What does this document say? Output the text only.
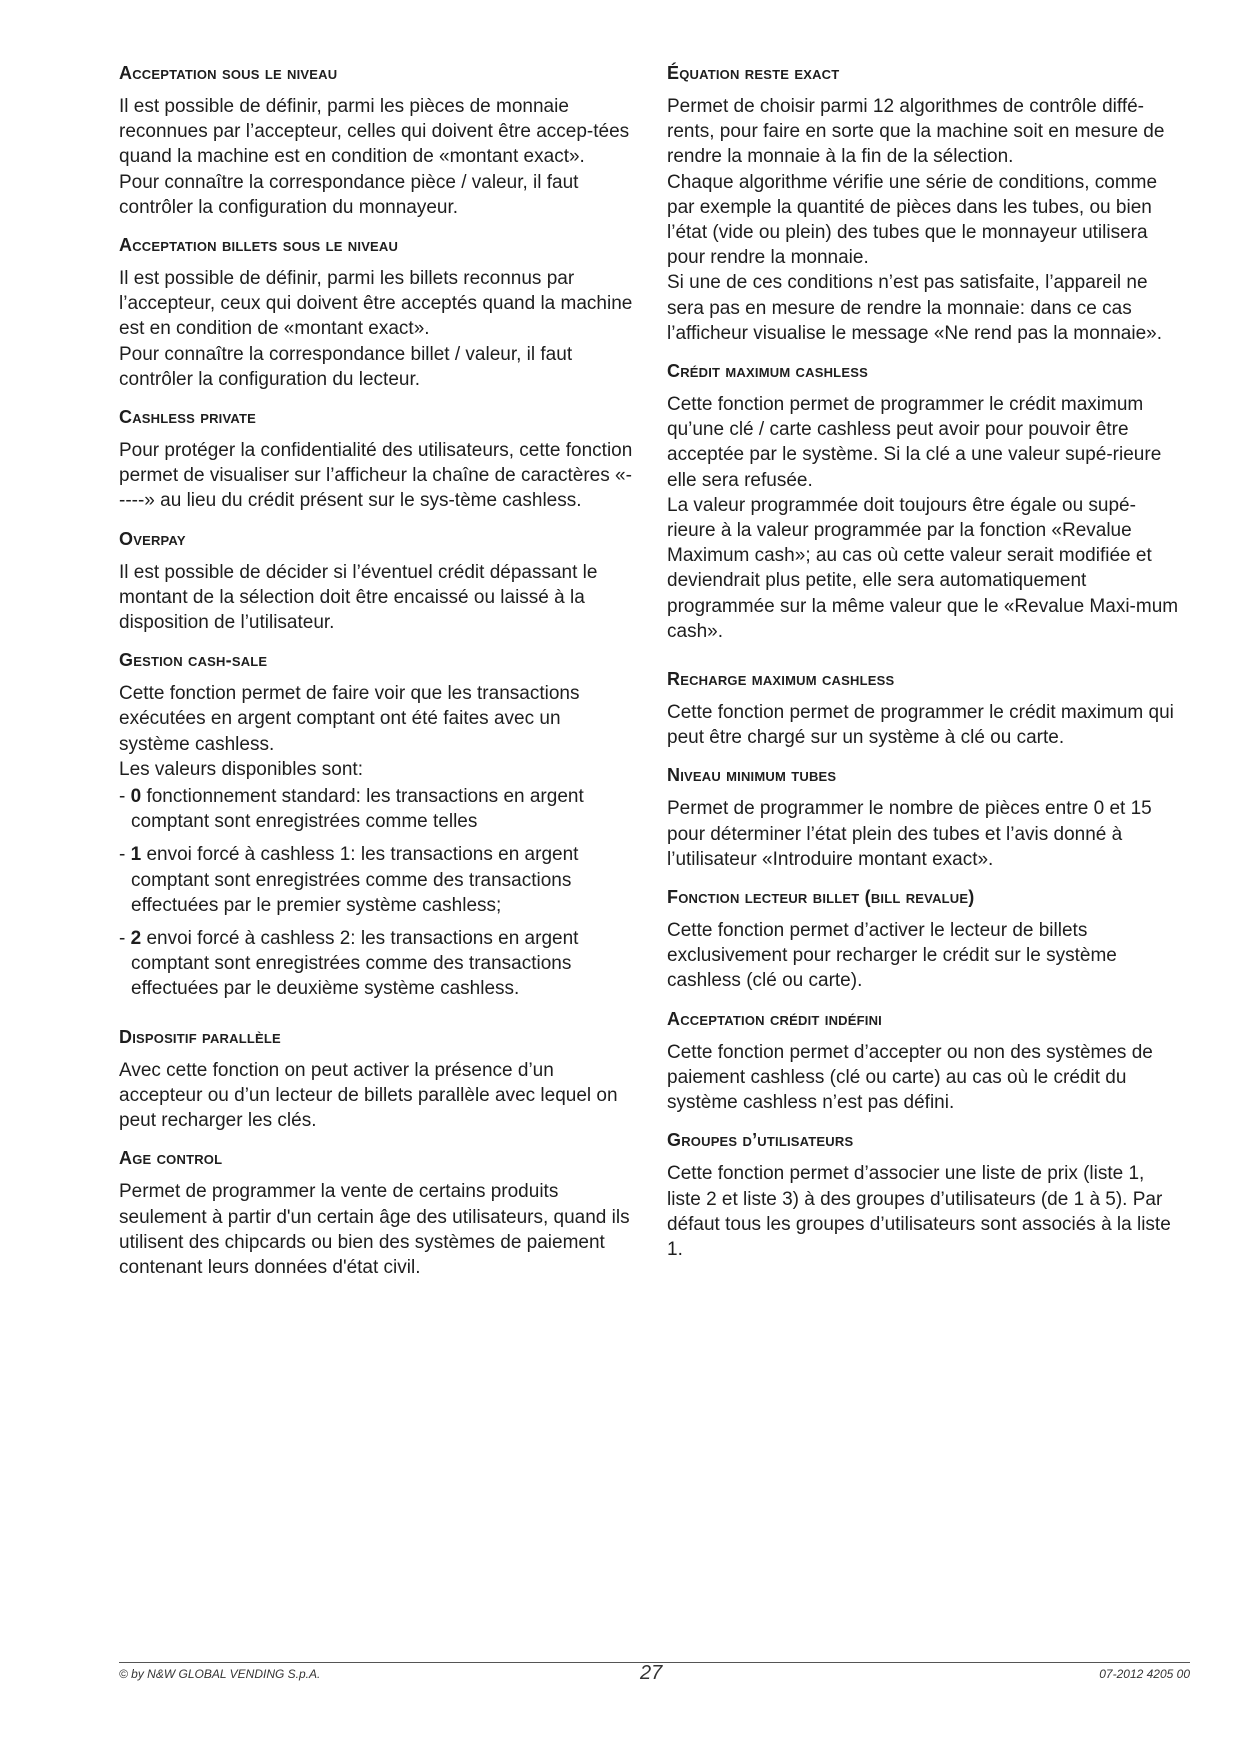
Acceptation sous le niveau

Il est possible de définir, parmi les pièces de monnaie reconnues par l’accepteur, celles qui doivent être accep-tées quand la machine est en condition de «montant exact».
Pour connaître la correspondance pièce / valeur, il faut contrôler la configuration du monnayeur.

Acceptation billets sous le niveau

Il est possible de définir, parmi les billets reconnus par l’accepteur, ceux qui doivent être acceptés quand la machine est en condition de «montant exact».
Pour connaître la correspondance billet / valeur, il faut contrôler la configuration du lecteur.

Cashless private

Pour protéger la confidentialité des utilisateurs, cette fonction permet de visualiser sur l’afficheur la chaîne de caractères «-----» au lieu du crédit présent sur le sys-tème cashless.

Overpay

Il est possible de décider si l’éventuel crédit dépassant le montant de la sélection doit être encaissé ou laissé à la disposition de l’utilisateur.

Gestion cash-sale

Cette fonction permet de faire voir que les transactions exécutées en argent comptant ont été faites avec un système cashless.
Les valeurs disponibles sont:

- 0 fonctionnement standard: les transactions en argent comptant sont enregistrées comme telles
- 1 envoi forcé à cashless 1: les transactions en argent comptant sont enregistrées comme des transactions effectuées par le premier système cashless;
- 2 envoi forcé à cashless 2: les transactions en argent comptant sont enregistrées comme des transactions effectuées par le deuxième système cashless.
Dispositif parallèle

Avec cette fonction on peut activer la présence d’un accepteur ou d’un lecteur de billets parallèle avec lequel on peut recharger les clés.

Age control

Permet de programmer la vente de certains produits seulement à partir d'un certain âge des utilisateurs, quand ils utilisent des chipcards ou bien des systèmes de paiement contenant leurs données d'état civil.

Équation reste exact

Permet de choisir parmi 12 algorithmes de contrôle diffé-rents, pour faire en sorte que la machine soit en mesure de rendre la monnaie à la fin de la sélection.
Chaque algorithme vérifie une série de conditions, comme par exemple la quantité de pièces dans les tubes, ou bien l’état (vide ou plein) des tubes que le monnayeur utilisera pour rendre la monnaie.
Si une de ces conditions n’est pas satisfaite, l’appareil ne sera pas en mesure de rendre la monnaie: dans ce cas l’afficheur visualise le message «Ne rend pas la monnaie».

Crédit maximum cashless

Cette fonction permet de programmer le crédit maximum qu’une clé / carte cashless peut avoir pour pouvoir être acceptée par le système. Si la clé a une valeur supé-rieure elle sera refusée.
La valeur programmée doit toujours être égale ou supé-rieure à la valeur programmée par la fonction «Revalue Maximum cash»; au cas où cette valeur serait modifiée et deviendrait plus petite, elle sera automatiquement programmée sur la même valeur que le «Revalue Maxi-mum cash».

Recharge maximum cashless

Cette fonction permet de programmer le crédit maximum qui peut être chargé sur un système à clé ou carte.

Niveau minimum tubes

Permet de programmer le nombre de pièces entre 0 et 15 pour déterminer l’état plein des tubes et l’avis donné à l’utilisateur «Introduire montant exact».

Fonction lecteur billet (bill revalue)

Cette fonction permet d’activer le lecteur de billets exclusivement pour recharger le crédit sur le système cashless (clé ou carte).

Acceptation crédit indéfini

Cette fonction permet d’accepter ou non des systèmes de paiement cashless (clé ou carte) au cas où le crédit du système cashless n’est pas défini.

Groupes d’utilisateurs

Cette fonction permet d’associer une liste de prix (liste 1, liste 2 et liste 3) à des groupes d’utilisateurs (de 1 à 5). Par défaut tous les groupes d’utilisateurs sont associés à la liste 1.

© by N&W GLOBAL VENDING S.p.A.	27	07-2012 4205 00
